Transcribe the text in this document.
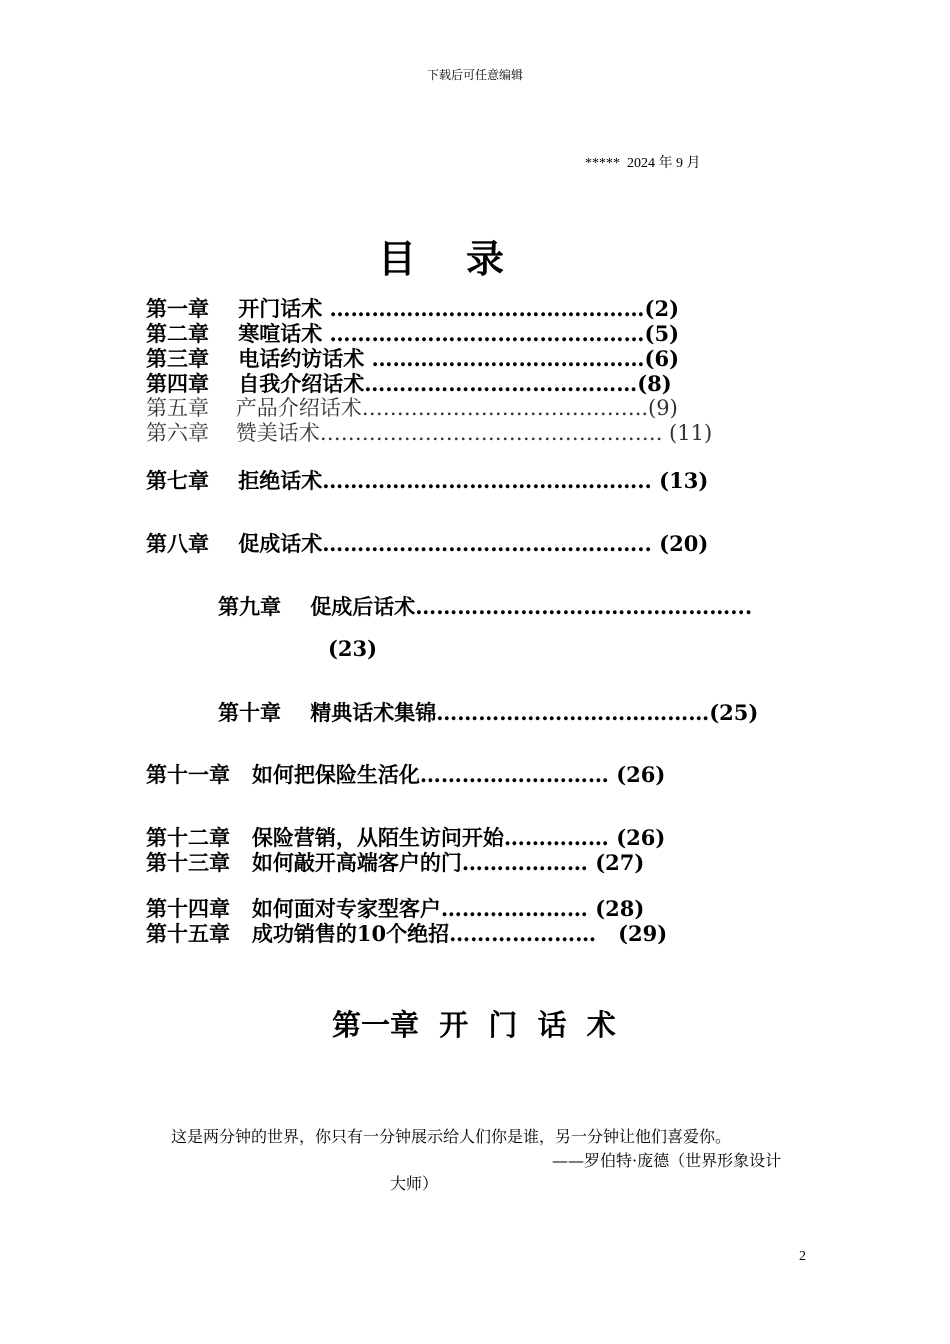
下载后可任意编辑
*****  2024 年 9 月
目录
第一章    开门话术 ………………………………………(2)
第二章    寒喧话术 ………………………………………(5)
第三章    电话约访话术 …………………………………(6)
第四章    自我介绍话术…………………………………(8)
第五章    产品介绍话术…………………………………..(9)
第六章    赞美话术…………………………………………. (11)
第七章    拒绝话术……………………………………….. (13)
第八章    促成话术……………………………………….. (20)
第九章    促成后话术………………………………………...
(23)
第十章    精典话术集锦…………………………………(25)
第十一章   如何把保险生活化……………………… (26)
第十二章   保险营销，从陌生访问开始…………… (26)
第十三章   如何敲开高端客户的门……………… (27)
第十四章   如何面对专家型客户………………… (28)
第十五章   成功销售的10个绝招…………………   (29)
第一章  开  门  话  术
这是两分钟的世界，你只有一分钟展示给人们你是谁，另一分钟让他们喜爱你。
——罗伯特·庞德（世界形象设计
大师）
2
